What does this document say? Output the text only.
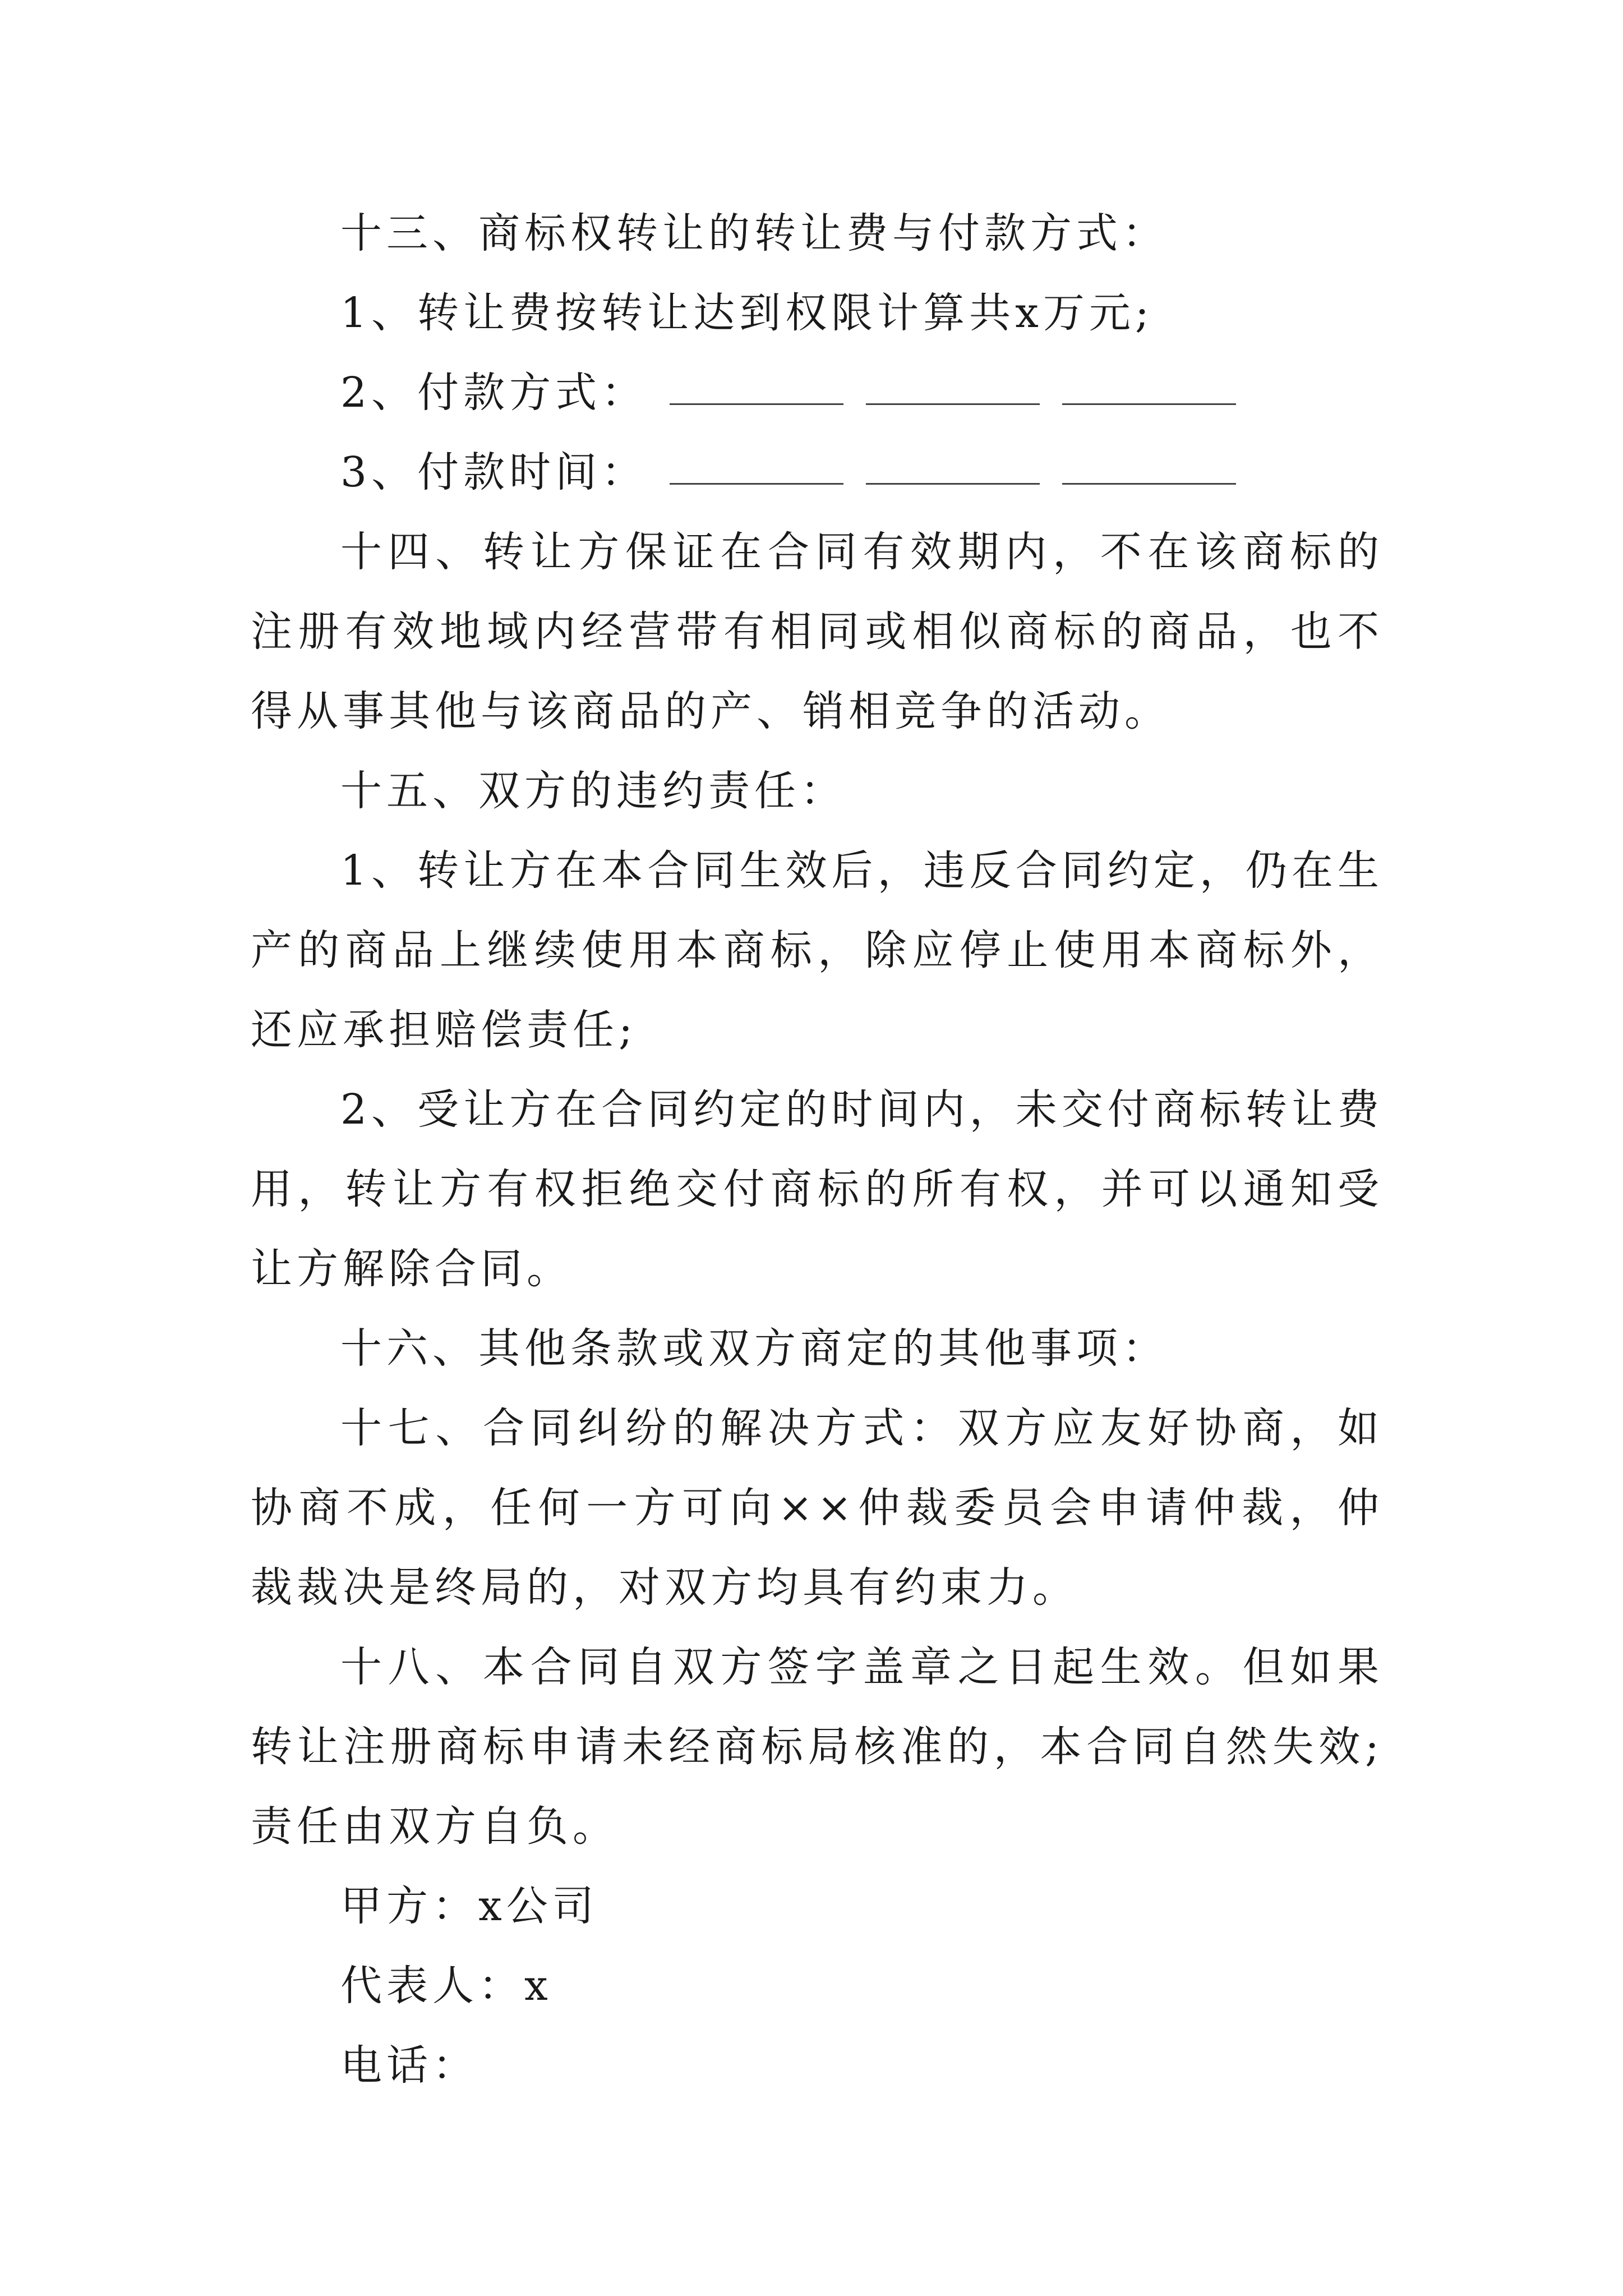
十三、商标权转让的转让费与付款方式：

1、转让费按转让达到权限计算共x万元;

2、付款方式：

3、付款时间：

十四、转让方保证在合同有效期内，不在该商标的注册有效地域内经营带有相同或相似商标的商品，也不得从事其他与该商品的产、销相竞争的活动。

十五、双方的违约责任：

1、转让方在本合同生效后，违反合同约定，仍在生产的商品上继续使用本商标，除应停止使用本商标外，还应承担赔偿责任;

2、受让方在合同约定的时间内，未交付商标转让费用，转让方有权拒绝交付商标的所有权，并可以通知受让方解除合同。

十六、其他条款或双方商定的其他事项：

十七、合同纠纷的解决方式：双方应友好协商，如协商不成，任何一方可向××仲裁委员会申请仲裁，仲裁裁决是终局的，对双方均具有约束力。

十八、本合同自双方签字盖章之日起生效。但如果转让注册商标申请未经商标局核准的，本合同自然失效;责任由双方自负。

甲方：x公司

代表人：x

电话：
